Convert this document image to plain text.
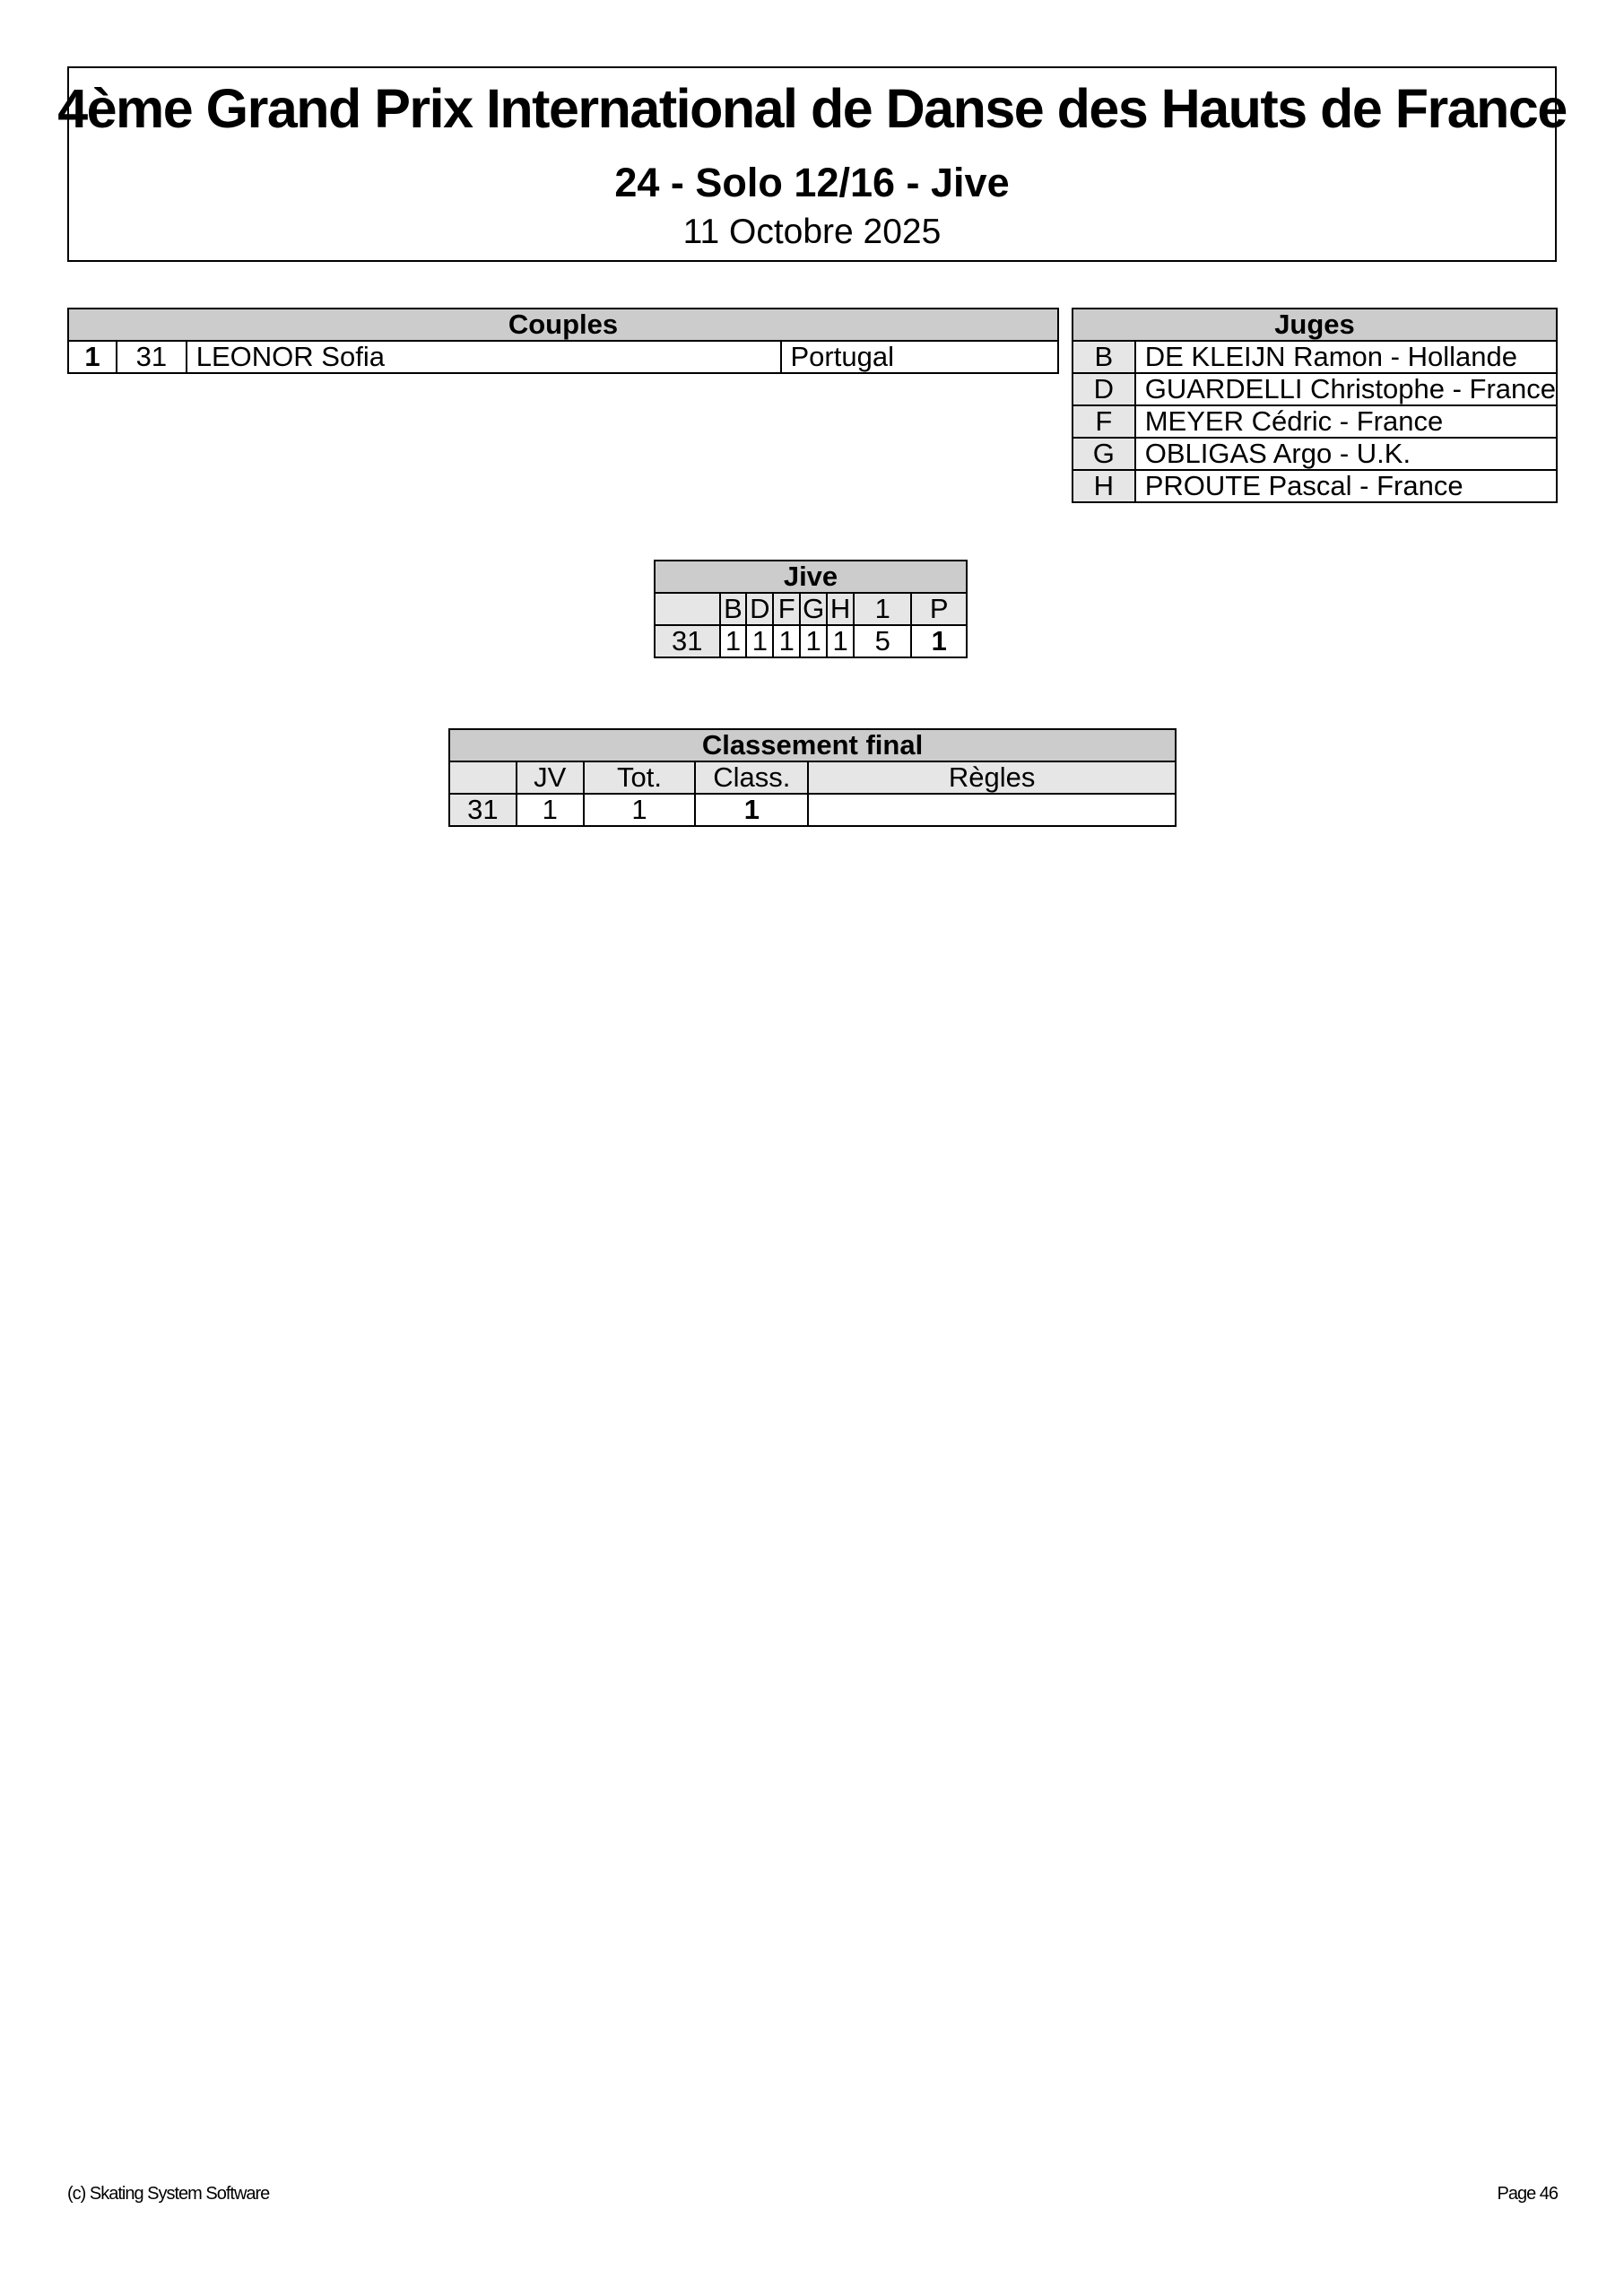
4ème Grand Prix International de Danse des Hauts de France
24 - Solo 12/16 - Jive
11 Octobre 2025
Couples
1	31	LEONOR Sofia	Portugal
Juges	
B	DE KLEIJN Ramon - Hollande
D	GUARDELLI Christophe - France
F	MEYER Cédric - France
G	OBLIGAS Argo - U.K.
H	PROUTE Pascal - France
Jive							
	B	D	F	G	H	1	P
31	1	1	1	1	1	5	1
Classement final				
	JV	Tot.	Class.	Règles
31	1	1	1	
(c) Skating System Software	Page 46
